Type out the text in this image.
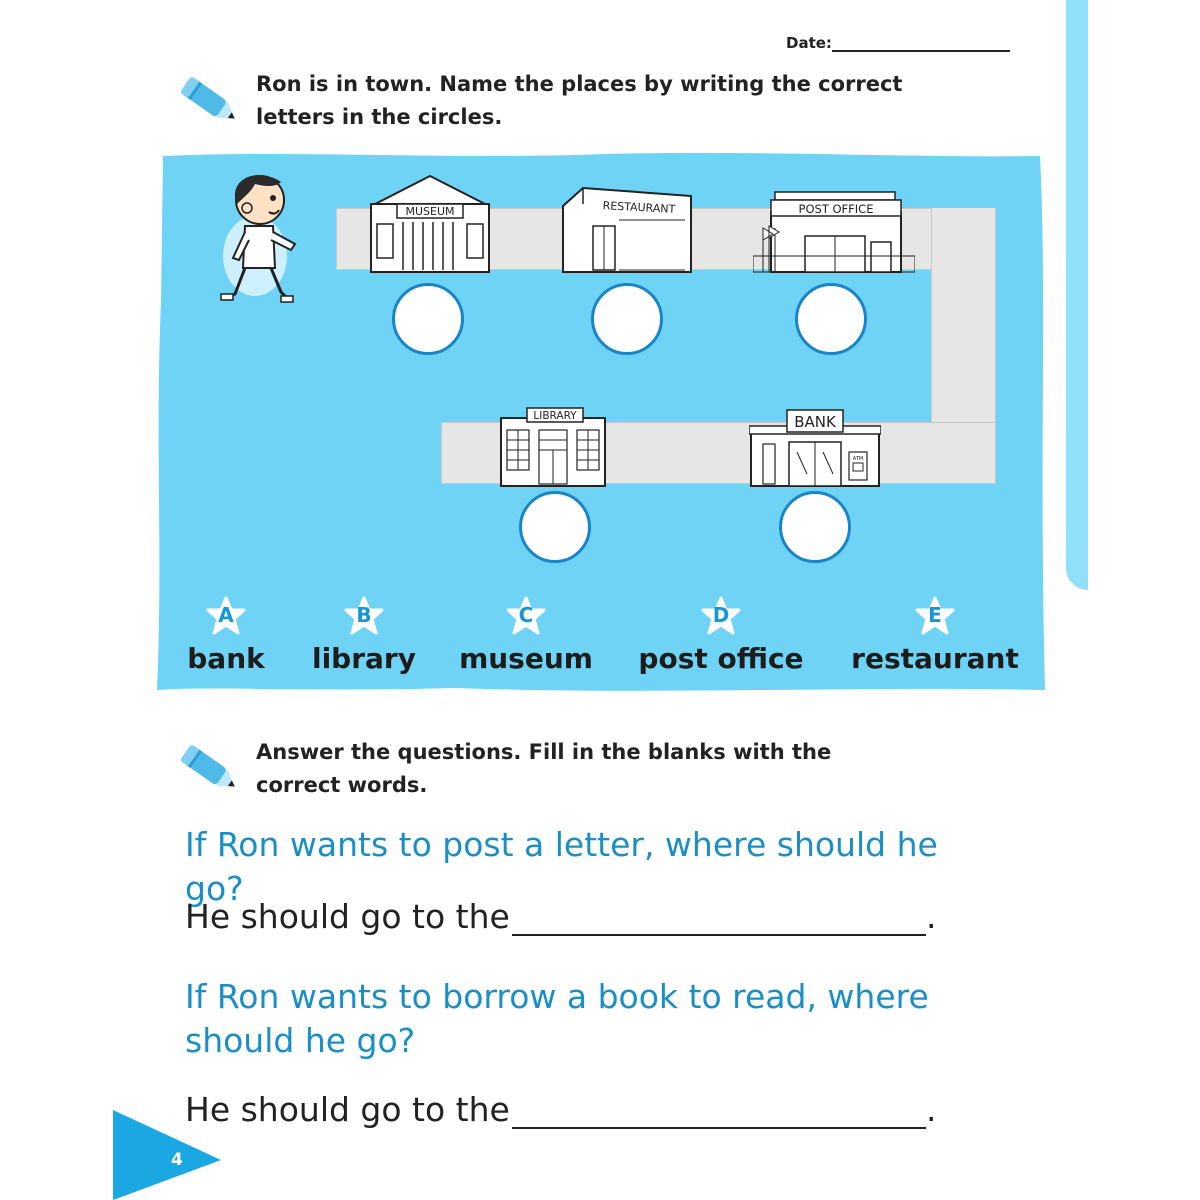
Date:
Ron is in town. Name the places by writing the correct letters in the circles.
MUSEUM	RESTAURANT	POST OFFICE
LIBRARY	BANK
ATM
A
bank
B
library
C
museum
D
post office
E
restaurant
Answer the questions. Fill in the blanks with the correct words.
If Ron wants to post a letter, where should he go?
He should go to the	.
If Ron wants to borrow a book to read, where should he go?
He should go to the	.
4
